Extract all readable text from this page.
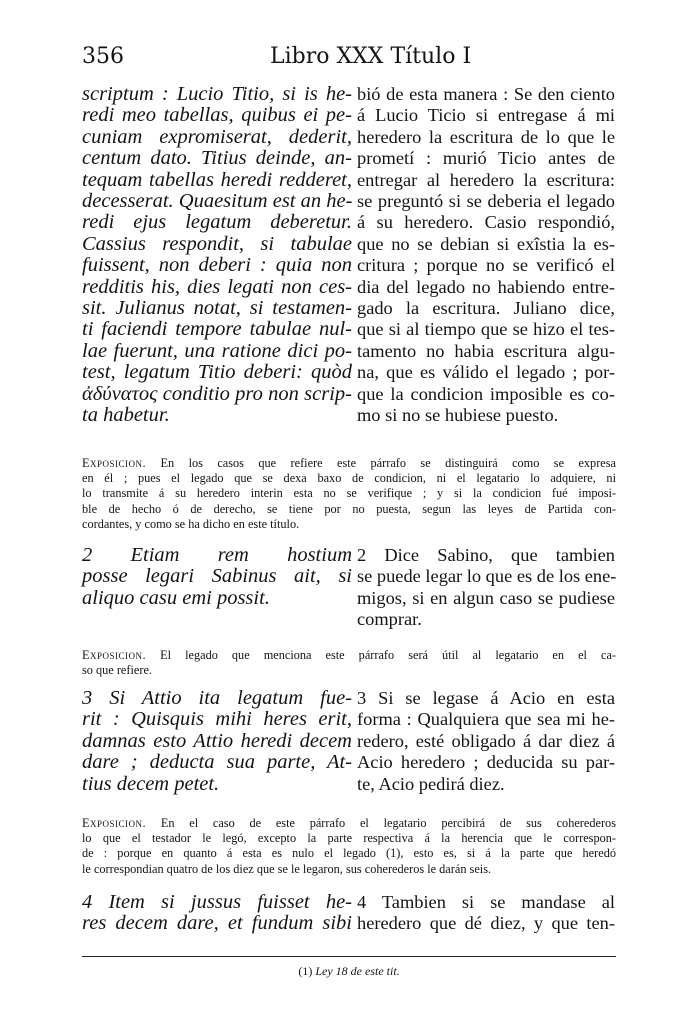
356	Libro XXX Título I
scriptum : Lucio Titio, si is he-
redi meo tabellas, quibus ei pe-
cuniam expromiserat, dederit,
centum dato. Titius deinde, an-
tequam tabellas heredi redderet,
decesserat. Quaesitum est an he-
redi ejus legatum deberetur.
Cassius respondit, si tabulae
fuissent, non deberi : quia non
redditis his, dies legati non ces-
sit. Julianus notat, si testamen-
ti faciendi tempore tabulae nul-
lae fuerunt, una ratione dici po-
test, legatum Titio deberi: quòd
ἀδύνατος conditio pro non scrip-
ta habetur.
bió de esta manera : Se den ciento
á Lucio Ticio si entregase á mi
heredero la escritura de lo que le
prometí : murió Ticio antes de
entregar al heredero la escritura:
se preguntó si se deberia el legado
á su heredero. Casio respondió,
que no se debian si exîstia la es-
critura ; porque no se verificó el
dia del legado no habiendo entre-
gado la escritura. Juliano dice,
que si al tiempo que se hizo el tes-
tamento no habia escritura algu-
na, que es válido el legado ; por-
que la condicion imposible es co-
mo si no se hubiese puesto.
Exposicion. En los casos que refiere este párrafo se distinguirá como se expresa
en él ; pues el legado que se dexa baxo de condicion, ni el legatario lo adquiere, ni
lo transmite á su heredero interin esta no se verifique ; y si la condicion fué imposi-
ble de hecho ó de derecho, se tiene por no puesta, segun las leyes de Partida con-
cordantes, y como se ha dicho en este título.
2 Etiam rem hostium
posse legari Sabinus ait, si
aliquo casu emi possit.
2 Dice Sabino, que tambien
se puede legar lo que es de los ene-
migos, si en algun caso se pudiese
comprar.
Exposicion. El legado que menciona este párrafo será útil al legatario en el ca-
so que refiere.
3 Si Attio ita legatum fue-
rit : Quisquis mihi heres erit,
damnas esto Attio heredi decem
dare ; deducta sua parte, At-
tius decem petet.
3 Si se legase á Acio en esta
forma : Qualquiera que sea mi he-
redero, esté obligado á dar diez á
Acio heredero ; deducida su par-
te, Acio pedirá diez.
Exposicion. En el caso de este párrafo el legatario percibirá de sus coherederos
lo que el testador le legó, excepto la parte respectiva á la herencia que le correspon-
de : porque en quanto á esta es nulo el legado (1), esto es, si á la parte que heredó
le correspondian quatro de los diez que se le legaron, sus coherederos le darán seis.
4 Item si jussus fuisset he-
res decem dare, et fundum sibi
4 Tambien si se mandase al
heredero que dé diez, y que ten-
(1) Ley 18 de este tit.
